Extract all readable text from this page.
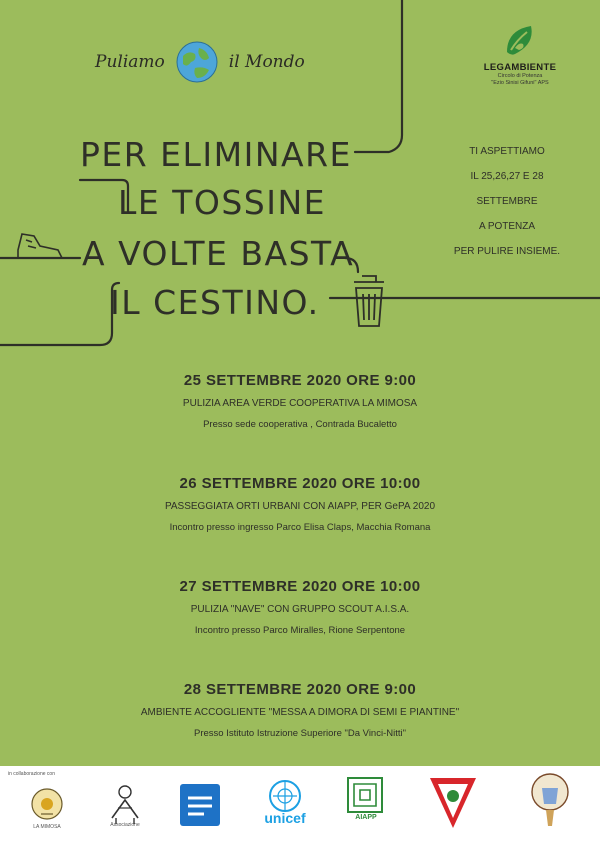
Puliamo	il Mondo	LEGAMBIENTE
Circolo di Potenza
"Ezio Sinisi Gifuni" APS
PER ELIMINARE
LE TOSSINE
A VOLTE BASTA
IL CESTINO.
TI ASPETTIAMO
IL 25,26,27 E 28
SETTEMBRE
A POTENZA
PER PULIRE INSIEME.
25 SETTEMBRE 2020 ORE 9:00
PULIZIA AREA VERDE COOPERATIVA LA MIMOSA
Presso sede cooperativa , Contrada Bucaletto
26 SETTEMBRE 2020 ORE 10:00
PASSEGGIATA ORTI URBANI CON AIAPP, PER GePA 2020
Incontro presso ingresso Parco Elisa Claps, Macchia Romana
27 SETTEMBRE 2020 ORE 10:00
PULIZIA "NAVE" CON GRUPPO SCOUT A.I.S.A.
Incontro presso Parco Miralles, Rione Serpentone
28 SETTEMBRE 2020 ORE 9:00
AMBIENTE ACCOGLIENTE "MESSA A DIMORA DI SEMI E PIANTINE"
Presso Istituto Istruzione Superiore "Da Vinci-Nitti"
in collaborazione con
LA MIMOSA	Associazione	unicef	AIAPP
